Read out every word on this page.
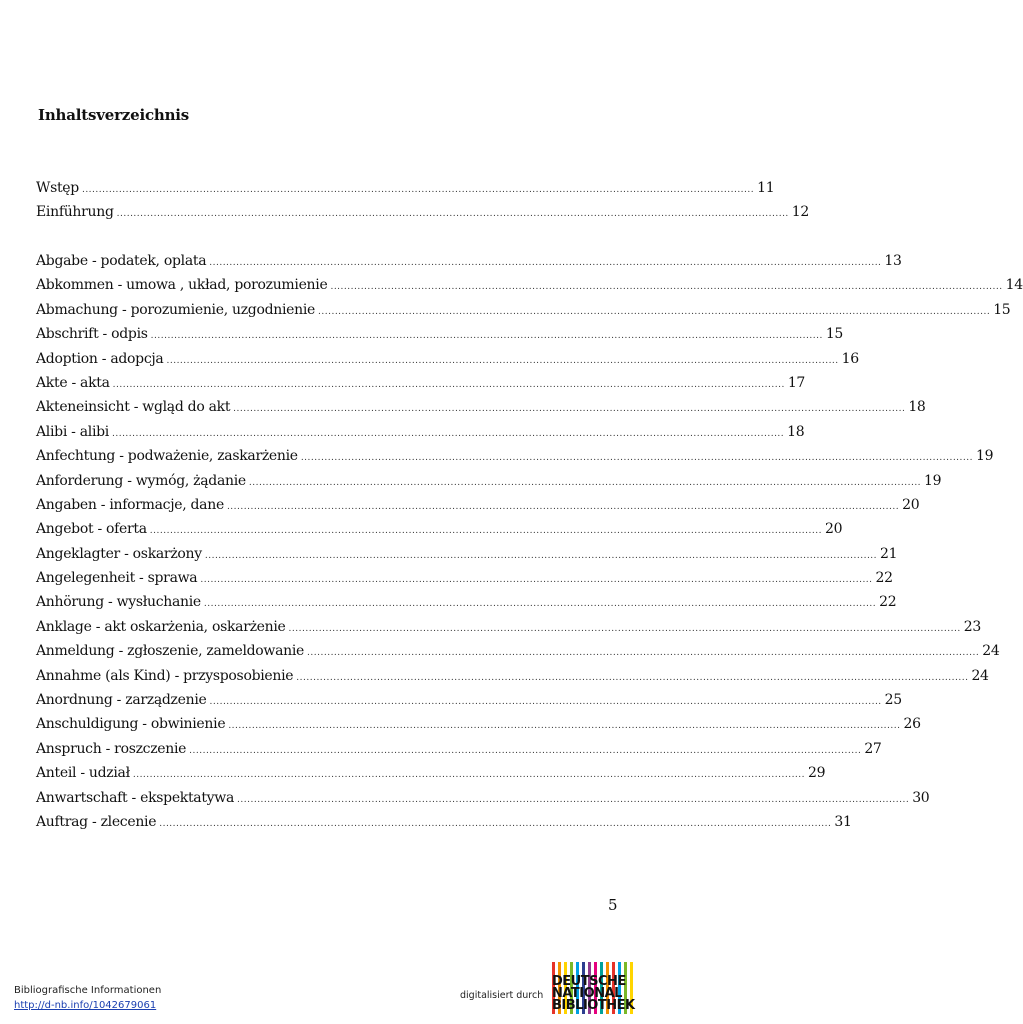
Inhaltsverzeichnis
Wstęp ........................................................................................................................................................................................................ 11
Einführung ........................................................................................................................................................................................................ 12
Abgabe - podatek, oplata ........................................................................................................................................................................................................ 13
Abkommen - umowa , układ, porozumienie ........................................................................................................................................................................................................ 14
Abmachung - porozumienie, uzgodnienie ........................................................................................................................................................................................................ 15
Abschrift - odpis ........................................................................................................................................................................................................ 15
Adoption - adopcja ........................................................................................................................................................................................................ 16
Akte - akta ........................................................................................................................................................................................................ 17
Akteneinsicht - wgląd do akt ........................................................................................................................................................................................................ 18
Alibi - alibi ........................................................................................................................................................................................................ 18
Anfechtung - podważenie, zaskarżenie ........................................................................................................................................................................................................ 19
Anforderung - wymóg, żądanie ........................................................................................................................................................................................................ 19
Angaben - informacje, dane ........................................................................................................................................................................................................ 20
Angebot - oferta ........................................................................................................................................................................................................ 20
Angeklagter - oskarżony ........................................................................................................................................................................................................ 21
Angelegenheit - sprawa ........................................................................................................................................................................................................ 22
Anhörung - wysłuchanie ........................................................................................................................................................................................................ 22
Anklage - akt oskarżenia, oskarżenie ........................................................................................................................................................................................................ 23
Anmeldung - zgłoszenie, zameldowanie ........................................................................................................................................................................................................ 24
Annahme (als Kind) - przysposobienie ........................................................................................................................................................................................................ 24
Anordnung - zarządzenie ........................................................................................................................................................................................................ 25
Anschuldigung - obwinienie ........................................................................................................................................................................................................ 26
Anspruch - roszczenie ........................................................................................................................................................................................................ 27
Anteil - udział ........................................................................................................................................................................................................ 29
Anwartschaft - ekspektatywa ........................................................................................................................................................................................................ 30
Auftrag - zlecenie ........................................................................................................................................................................................................ 31
5
Bibliografische Informationen
http://d-nb.info/1042679061
digitalisiert durch
DEUTSCHE
NATIONAL
BIBLIOTHEK
